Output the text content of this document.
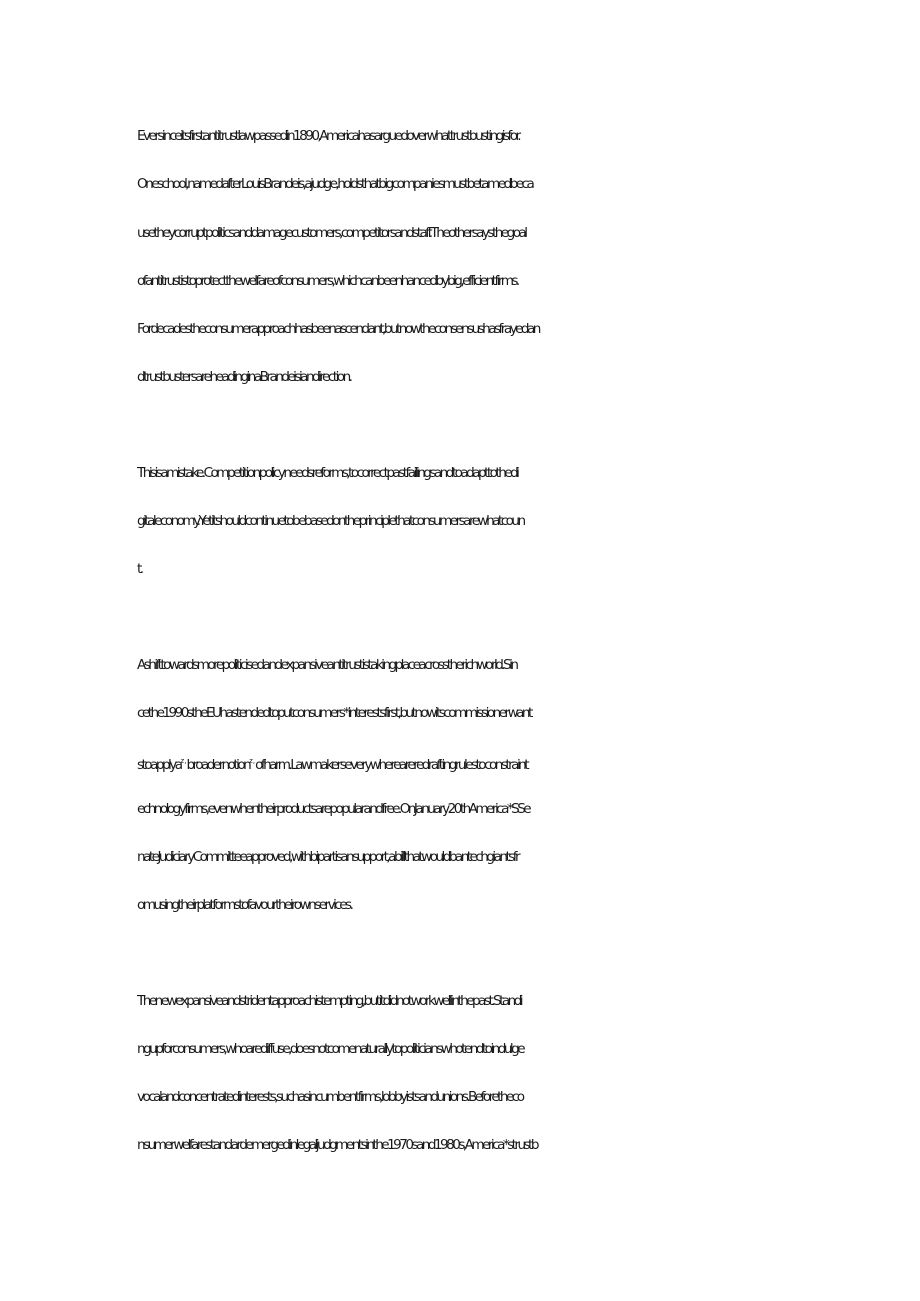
Eversinceitsfirstantitrustlawpassedin1890,Americahasarguedoverwhattrustbustingisfor.
Oneschool,namedafterLouisBrandeis,ajudge,holdsthatbigcompaniesmustbetamedbeca
usetheycorruptpoliticsanddamagecustomers,competitorsandstaff.Theothersaysthegoal
ofantitrustistoprotectthewelfareofconsumers,whichcanbeenhancedbybig,efficientfirms.
Fordecadestheconsumerapproachhasbeenascendant,butnowtheconsensushasfrayedan
dtrustbustersareheadinginaBrandeisiandirection.
Thisisamistake.Competitionpolicyneedsreforms,tocorrectpastfailingsandtoadapttothedi
gitaleconomy.Yetitshouldcontinuetobebasedontheprinciplethatconsumersarewhatcoun
t.
Ashifttowardsmorepoliticisedandexpansiveantitrustistakingplaceacrosstherichworld.Sin
cethe1990stheEUhastendedtoputconsumers*interestsfirst,butnowitscommissionerwant
stoapplya$^{z,}$broadernotion$^{z,}$ofharm.Lawmakerseverywhereareredraftingrulestoconstraint
echnologyfirms,evenwhentheirproductsarepopularandfree.OnJanuary20thAmerica*SSe
nateJudiciaryCommitteeapproved,withbipartisansupport,abillthatwouldbantechgiantsfr
omusingtheirplatformstofavourtheirownservices.
Thenewexpansiveandstridentapproachistempting,butitdidnotworkwellinthepast.Standi
ngupforconsumers,whoarediffuse,doesnotcomenaturallytopoliticianswhotendtoindulge
vocalandconcentratedinterests,suchasincumbentfirms,lobbyistsandunions.Beforetheco
nsumerwelfarestandardemergedinlegaljudgmentsinthe1970sand1980s,America*strustb
